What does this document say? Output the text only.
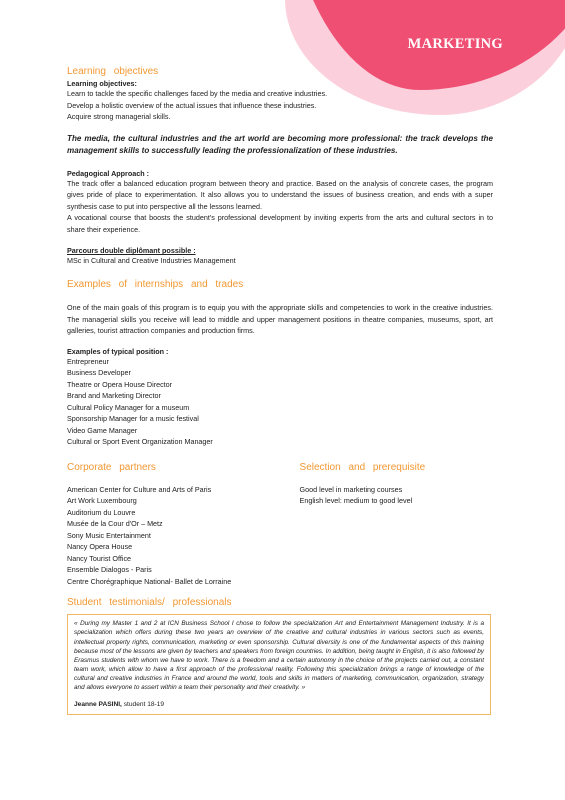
MARKETING
Learning objectives
Learning objectives:
Learn to tackle the specific challenges faced by the media and creative industries.
Develop a holistic overview of the actual issues that influence these industries.
Acquire strong managerial skills.

The media, the cultural industries and the art world are becoming more professional: the track develops the management skills to successfully leading the professionalization of these industries.

Pedagogical Approach :

The track offer a balanced education program between theory and practice. Based on the analysis of concrete cases, the program gives pride of place to experimentation. It also allows you to understand the issues of business creation, and ends with a super synthesis case to put into perspective all the lessons learned.

A vocational course that boosts the student's professional development by inviting experts from the arts and cultural sectors in to share their experience.

Parcours double diplômant possible :

MSc in Cultural and Creative Industries Management

Examples of internships and trades

One of the main goals of this program is to equip you with the appropriate skills and competencies to work in the creative industries. The managerial skills you receive will lead to middle and upper management positions in theatre companies, museums, sport, art galleries, tourist attraction companies and production firms.

Examples of typical position :
Entrepreneur
Business Developer
Theatre or Opera House Director
Brand and Marketing Director
Cultural Policy Manager for a museum
Sponsorship Manager for a music festival
Video Game Manager
Cultural or Sport Event Organization Manager
Corporate partners
American Center for Culture and Arts of Paris
Art Work Luxembourg
Auditorium du Louvre
Musée de la Cour d'Or – Metz
Sony Music Entertainment
Nancy Opera House
Nancy Tourist Office
Ensemble Dialogos - Paris
Centre Chorégraphique National- Ballet de Lorraine
Selection and prerequisite
Good level in marketing courses
English level: medium to good level
Student testimonials/ professionals

« During my Master 1 and 2 at ICN Business School I chose to follow the specialization Art and Entertainment Management Industry. It is a specialization which offers during these two years an overview of the creative and cultural industries in various sectors such as events, intellectual property rights, communication, marketing or even sponsorship. Cultural diversity is one of the fundamental aspects of this training because most of the lessons are given by teachers and speakers from foreign countries. In addition, being taught in English, it is also followed by Erasmus students with whom we have to work. There is a freedom and a certain autonomy in the choice of the projects carried out, a constant team work, which allow to have a first approach of the professional reality. Following this specialization brings a range of knowledge of the cultural and creative industries in France and around the world, tools and skills in matters of marketing, communication, organization, strategy and allows everyone to assert within a team their personality and their creativity. »

Jeanne PASINI, student 18-19
